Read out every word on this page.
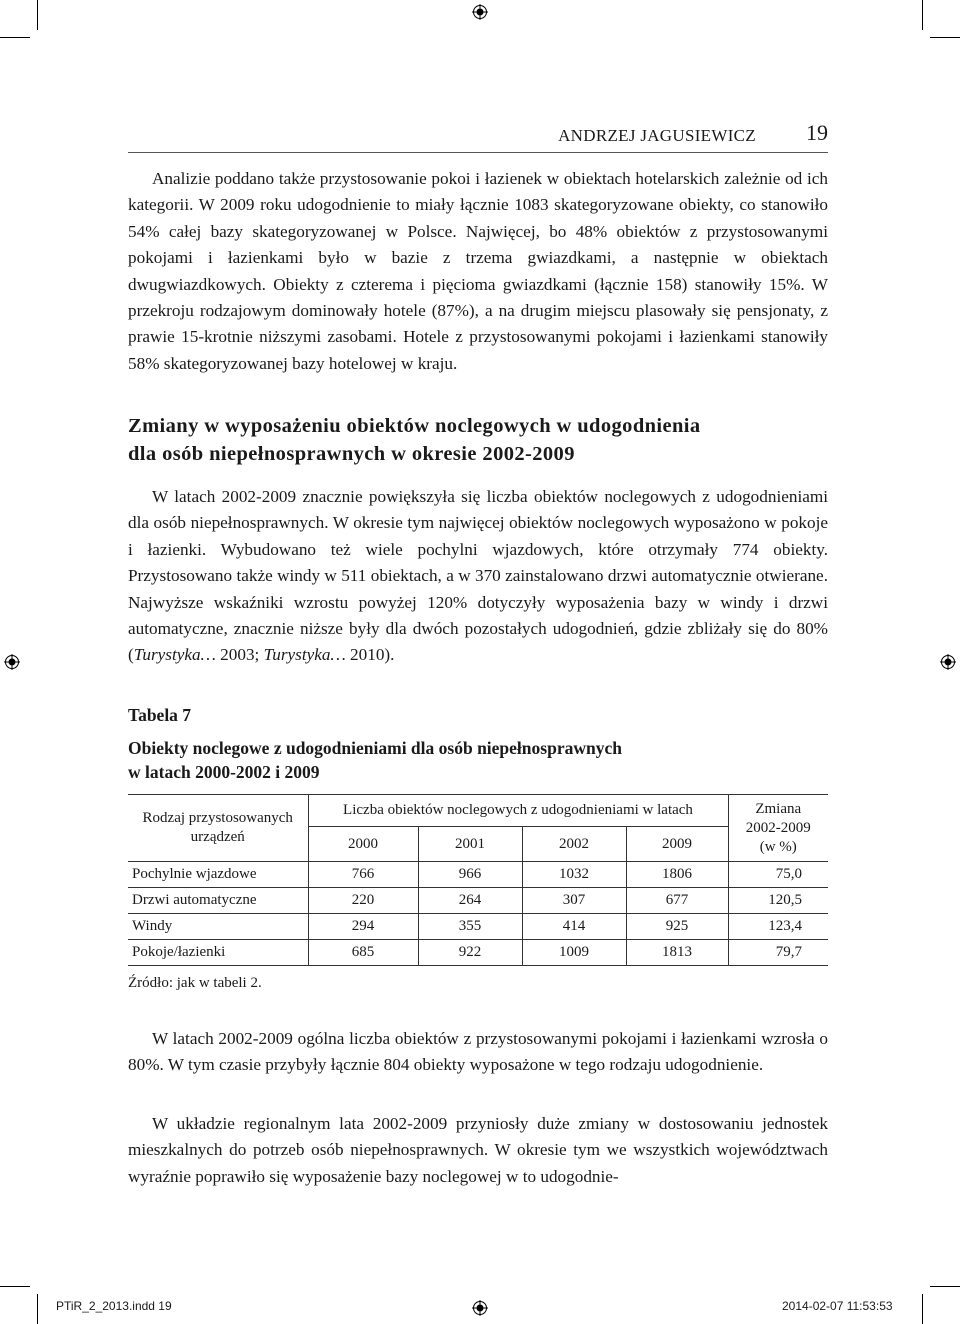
ANDRZEJ JAGUSIEWICZ 19

Analizie poddano także przystosowanie pokoi i łazienek w obiektach hotelarskich zależnie od ich kategorii. W 2009 roku udogodnienie to miały łącznie 1083 skategoryzowane obiekty, co stanowiło 54% całej bazy skategoryzowanej w Polsce. Najwięcej, bo 48% obiektów z przystosowanymi pokojami i łazienkami było w bazie z trzema gwiazdkami, a następnie w obiektach dwugwiazdkowych. Obiekty z czterema i pięcioma gwiazdkami (łącznie 158) stanowiły 15%. W przekroju rodzajowym dominowały hotele (87%), a na drugim miejscu plasowały się pensjonaty, z prawie 15-krotnie niższymi zasobami. Hotele z przystosowanymi pokojami i łazienkami stanowiły 58% skategoryzowanej bazy hotelowej w kraju.

Zmiany w wyposażeniu obiektów noclegowych w udogodnienia
dla osób niepełnosprawnych w okresie 2002-2009

W latach 2002-2009 znacznie powiększyła się liczba obiektów noclegowych z udogodnieniami dla osób niepełnosprawnych. W okresie tym najwięcej obiektów noclegowych wyposażono w pokoje i łazienki. Wybudowano też wiele pochylni wjazdowych, które otrzymały 774 obiekty. Przystosowano także windy w 511 obiektach, a w 370 zainstalowano drzwi automatycznie otwierane. Najwyższe wskaźniki wzrostu powyżej 120% dotyczyły wyposażenia bazy w windy i drzwi automatyczne, znacznie niższe były dla dwóch pozostałych udogodnień, gdzie zbliżały się do 80% (Turystyka… 2003; Turystyka… 2010).

Tabela 7
Obiekty noclegowe z udogodnieniami dla osób niepełnosprawnych
w latach 2000-2002 i 2009
Rodzaj przystosowanych urządzeń	Liczba obiektów noclegowych z udogodnieniami w latach				Zmiana
2002-2009
(w %)
	2000	2001	2002	2009	
Pochylnie wjazdowe	766	966	1032	1806	75,0
Drzwi automatyczne	220	264	307	677	120,5
Windy	294	355	414	925	123,4
Pokoje/łazienki	685	922	1009	1813	79,7
Źródło: jak w tabeli 2.

W latach 2002-2009 ogólna liczba obiektów z przystosowanymi pokojami i łazienkami wzrosła o 80%. W tym czasie przybyły łącznie 804 obiekty wyposażone w tego rodzaju udogodnienie.

W układzie regionalnym lata 2002-2009 przyniosły duże zmiany w dostosowaniu jednostek mieszkalnych do potrzeb osób niepełnosprawnych. W okresie tym we wszystkich województwach wyraźnie poprawiło się wyposażenie bazy noclegowej w to udogodnie-

PTiR_2_2013.indd 19	2014-02-07 11:53:53
